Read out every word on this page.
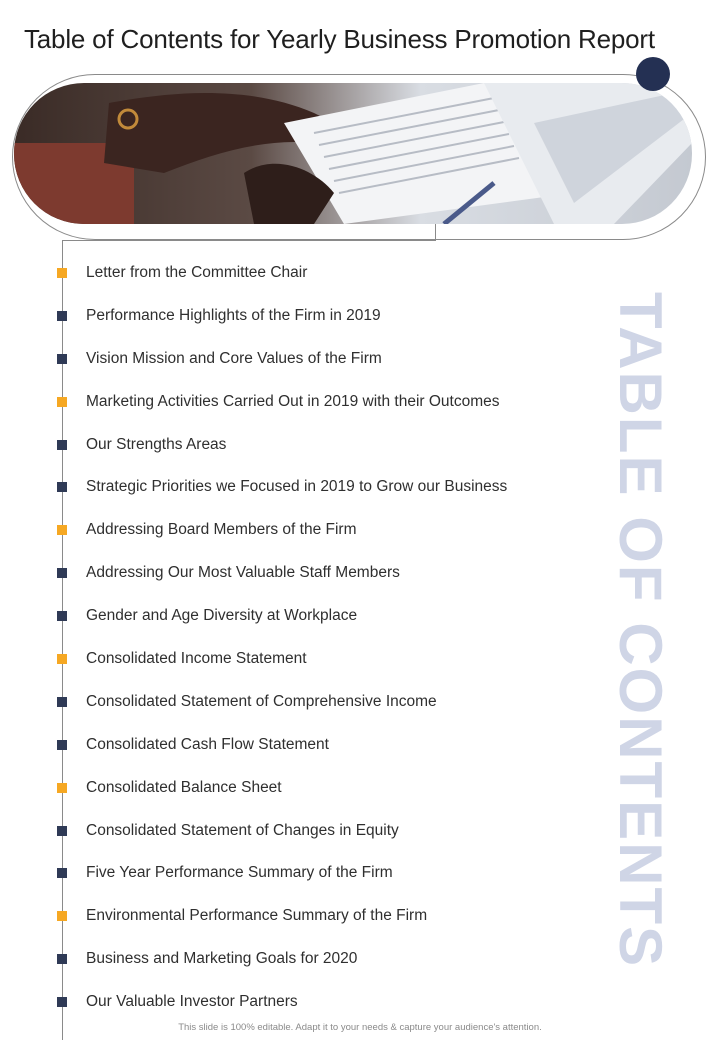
Table of Contents for Yearly Business Promotion Report
Letter from the Committee Chair
Performance Highlights of the Firm in 2019
Vision Mission and Core Values of the Firm
Marketing Activities Carried Out in 2019 with their Outcomes
Our Strengths Areas
Strategic Priorities we Focused in 2019 to Grow our Business
Addressing Board Members of the Firm
Addressing Our Most Valuable Staff Members
Gender and Age Diversity at Workplace
Consolidated Income Statement
Consolidated Statement of Comprehensive Income
Consolidated Cash Flow Statement
Consolidated Balance Sheet
Consolidated Statement of Changes in Equity
Five Year Performance Summary of the Firm
Environmental Performance Summary of the Firm
Business and Marketing Goals for 2020
Our Valuable Investor Partners
TABLE OF CONTENTS
This slide is 100% editable. Adapt it to your needs & capture your audience's attention.
